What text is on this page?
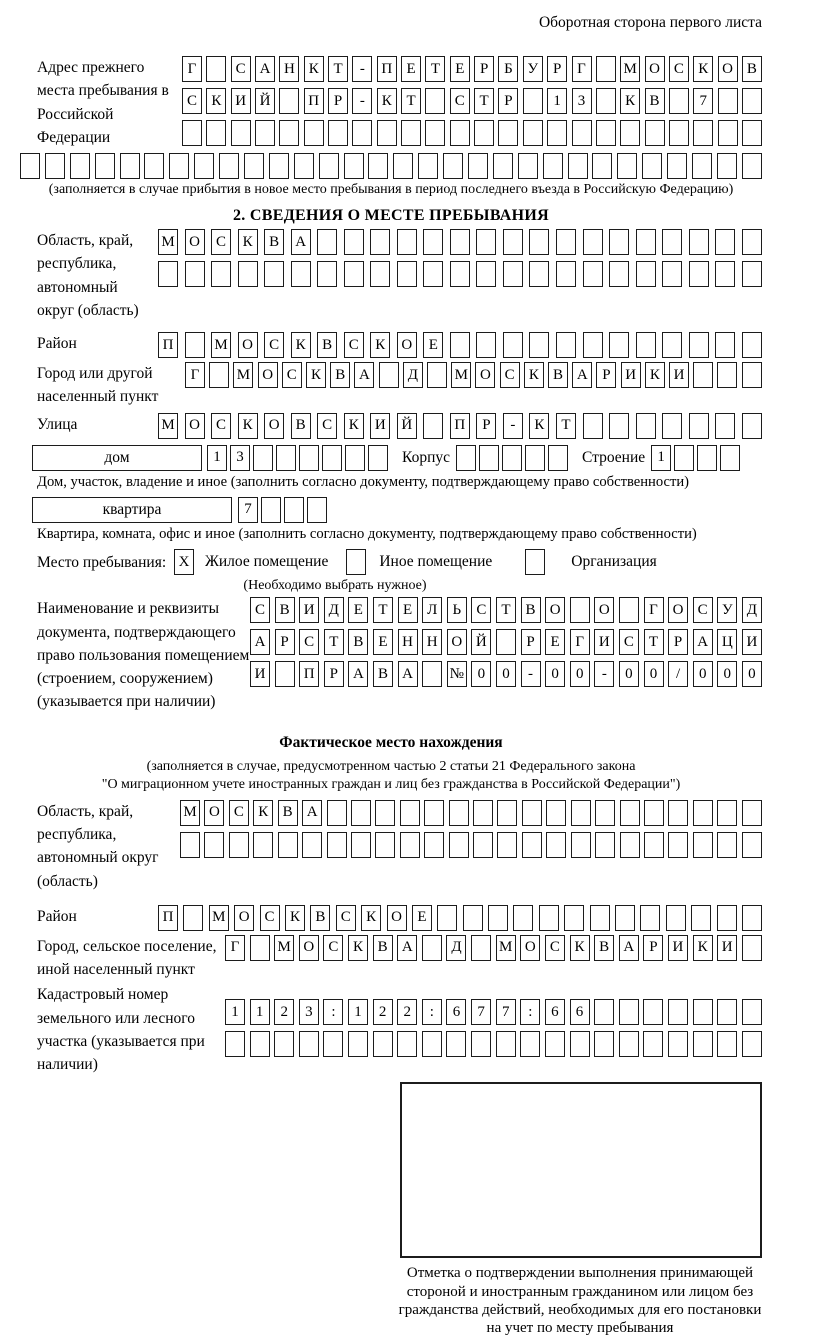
Оборотная сторона первого листа
Адрес прежнего места пребывания в Российской Федерации
Г	С А Н К Т	-	П Е	Т	Е	Р	Б У Р	Г	М О С К О В
С К И Й	П Р	-	К Т	С Т	Р	1	3	К В	7
(заполняется в случае прибытия в новое место пребывания в период последнего въезда в Российскую Федерацию)
2. СВЕДЕНИЯ О МЕСТЕ ПРЕБЫВАНИЯ
Область, край, республика, автономный округ (область)
М О	С	К	В	А
Район	П	М О	С	К	В	С	К	О	Е
Город или другой населенный пункт
Г	М О С К В А	Д	М О С К В А Р И К И
Улица	М О	С	К	О	В	С	К	И	Й	П	Р	-	К	Т
дом	1	3	Корпус	Строение 1
Дом, участок, владение и иное (заполнить согласно документу, подтверждающему право собственности)
квартира	7
Квартира, комната, офис и иное (заполнить согласно документу, подтверждающему право собственности)
Место пребывания: X Жилое помещение	Иное помещение	Организация
(Необходимо выбрать нужное)
Наименование и реквизиты документа, подтверждающего право пользования помещением (строением, сооружением) (указывается при наличии)
С В И Д Е	Т	Е Л	Ь	С	Т	В О	О	Г О С У Д
А	Р	С	Т	В	Е Н Н О Й	Р	Е	Г И С	Т	Р	А Ц И
И	П	Р	А В А	№ 0	0	-	0	0	-	0	0	/	0	0	0
Фактическое место нахождения
(заполняется в случае, предусмотренном частью 2 статьи 21 Федерального закона
"О миграционном учете иностранных граждан и лиц без гражданства в Российской Федерации")
Область, край, республика, автономный округ (область)
М О С К В А
Район	П	М О С	К	В	С	К О	Е
Город, сельское поселение, иной населенный пункт
Г	М О С К В А	Д	М О С К В А	Р	И К И
Кадастровый номер земельного или лесного участка (указывается при наличии)
1	1	2	3	:	1	2	2	:	6	7	7	:	6	6
Отметка о подтверждении выполнения принимающей
стороной и иностранным гражданином или лицом без
гражданства действий, необходимых для его постановки
на учет по месту пребывания
